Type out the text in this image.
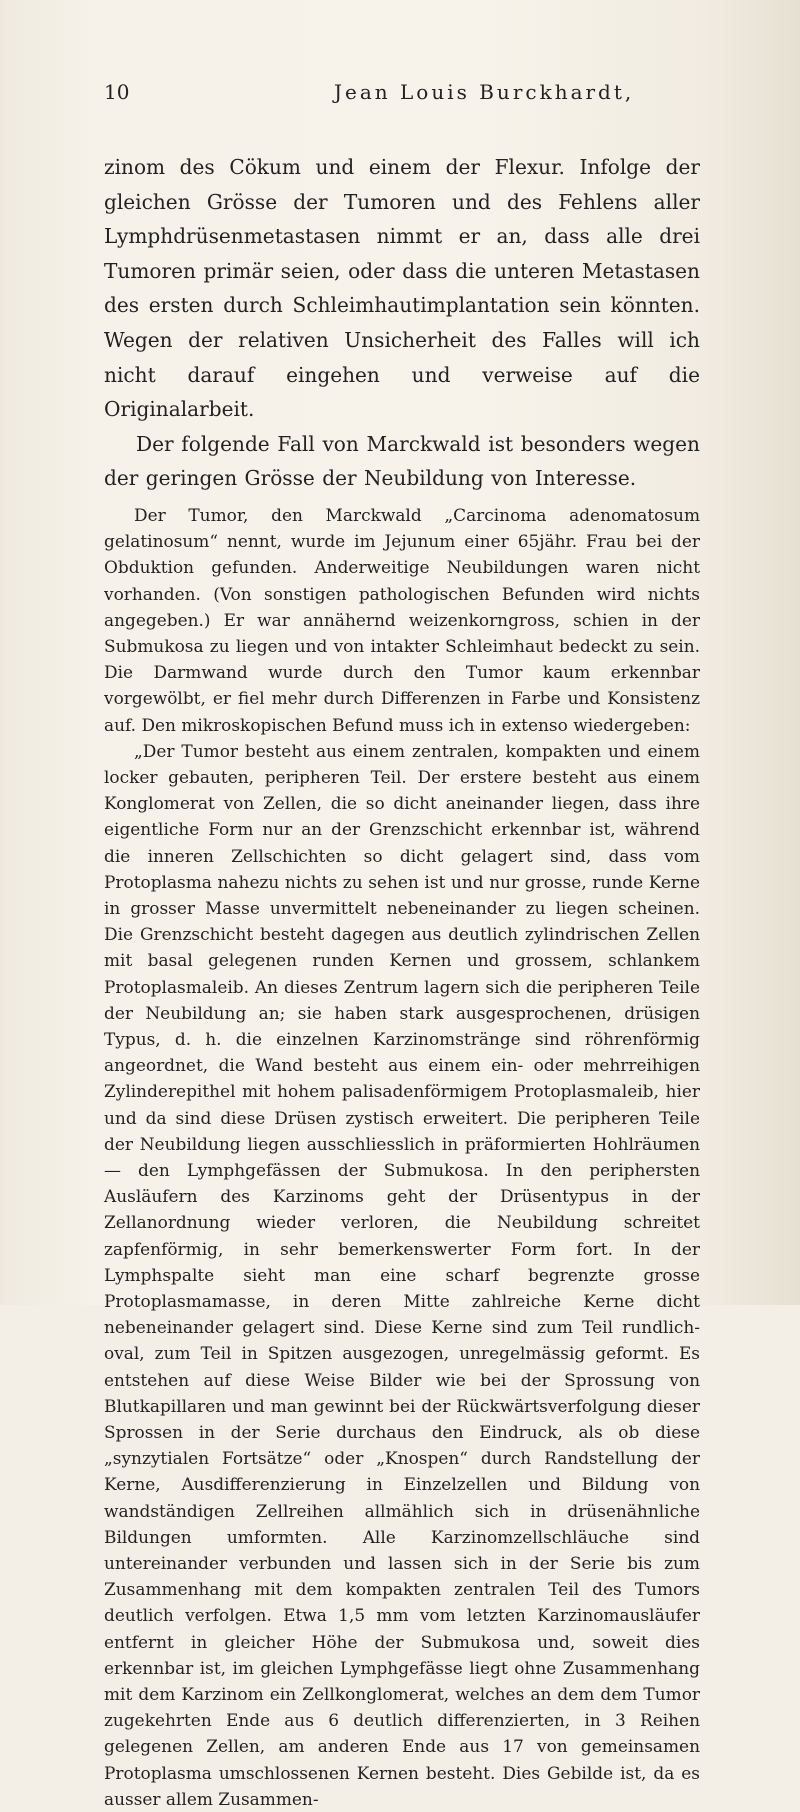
10	Jean Louis Burckhardt,

zinom des Cökum und einem der Flexur. Infolge der gleichen Grösse der Tumoren und des Fehlens aller Lymphdrüsenmetastasen nimmt er an, dass alle drei Tumoren primär seien, oder dass die unteren Metastasen des ersten durch Schleimhautimplantation sein könnten. Wegen der relativen Unsicherheit des Falles will ich nicht darauf eingehen und verweise auf die Originalarbeit.

Der folgende Fall von Marckwald ist besonders wegen der geringen Grösse der Neubildung von Interesse.

Der Tumor, den Marckwald „Carcinoma adenomatosum gelatinosum“ nennt, wurde im Jejunum einer 65jähr. Frau bei der Obduktion gefunden. Anderweitige Neubildungen waren nicht vorhanden. (Von sonstigen pathologischen Befunden wird nichts angegeben.) Er war annähernd weizenkorngross, schien in der Submukosa zu liegen und von intakter Schleimhaut bedeckt zu sein. Die Darmwand wurde durch den Tumor kaum erkennbar vorgewölbt, er fiel mehr durch Differenzen in Farbe und Konsistenz auf. Den mikroskopischen Befund muss ich in extenso wiedergeben:

„Der Tumor besteht aus einem zentralen, kompakten und einem locker gebauten, peripheren Teil. Der erstere besteht aus einem Konglomerat von Zellen, die so dicht aneinander liegen, dass ihre eigentliche Form nur an der Grenzschicht erkennbar ist, während die inneren Zellschichten so dicht gelagert sind, dass vom Protoplasma nahezu nichts zu sehen ist und nur grosse, runde Kerne in grosser Masse unvermittelt nebeneinander zu liegen scheinen. Die Grenzschicht besteht dagegen aus deutlich zylindrischen Zellen mit basal gelegenen runden Kernen und grossem, schlankem Protoplasmaleib. An dieses Zentrum lagern sich die peripheren Teile der Neubildung an; sie haben stark ausgesprochenen, drüsigen Typus, d. h. die einzelnen Karzinomstränge sind röhrenförmig angeordnet, die Wand besteht aus einem ein- oder mehrreihigen Zylinderepithel mit hohem palisadenförmigem Protoplasmaleib, hier und da sind diese Drüsen zystisch erweitert. Die peripheren Teile der Neubildung liegen ausschliesslich in präformierten Hohlräumen — den Lymphgefässen der Submukosa. In den periphersten Ausläufern des Karzinoms geht der Drüsentypus in der Zellanordnung wieder verloren, die Neubildung schreitet zapfenförmig, in sehr bemerkenswerter Form fort. In der Lymphspalte sieht man eine scharf begrenzte grosse Protoplasmamasse, in deren Mitte zahlreiche Kerne dicht nebeneinander gelagert sind. Diese Kerne sind zum Teil rundlich-oval, zum Teil in Spitzen ausgezogen, unregelmässig geformt. Es entstehen auf diese Weise Bilder wie bei der Sprossung von Blutkapillaren und man gewinnt bei der Rückwärtsverfolgung dieser Sprossen in der Serie durchaus den Eindruck, als ob diese „synzytialen Fortsätze“ oder „Knospen“ durch Randstellung der Kerne, Ausdifferenzierung in Einzelzellen und Bildung von wandständigen Zellreihen allmählich sich in drüsenähnliche Bildungen umformten. Alle Karzinomzellschläuche sind untereinander verbunden und lassen sich in der Serie bis zum Zusammenhang mit dem kompakten zentralen Teil des Tumors deutlich verfolgen. Etwa 1,5 mm vom letzten Karzinomausläufer entfernt in gleicher Höhe der Submukosa und, soweit dies erkennbar ist, im gleichen Lymphgefässe liegt ohne Zusammenhang mit dem Karzinom ein Zellkonglomerat, welches an dem dem Tumor zugekehrten Ende aus 6 deutlich differenzierten, in 3 Reihen gelegenen Zellen, am anderen Ende aus 17 von gemeinsamen Protoplasma umschlossenen Kernen besteht. Dies Gebilde ist, da es ausser allem Zusammen-
